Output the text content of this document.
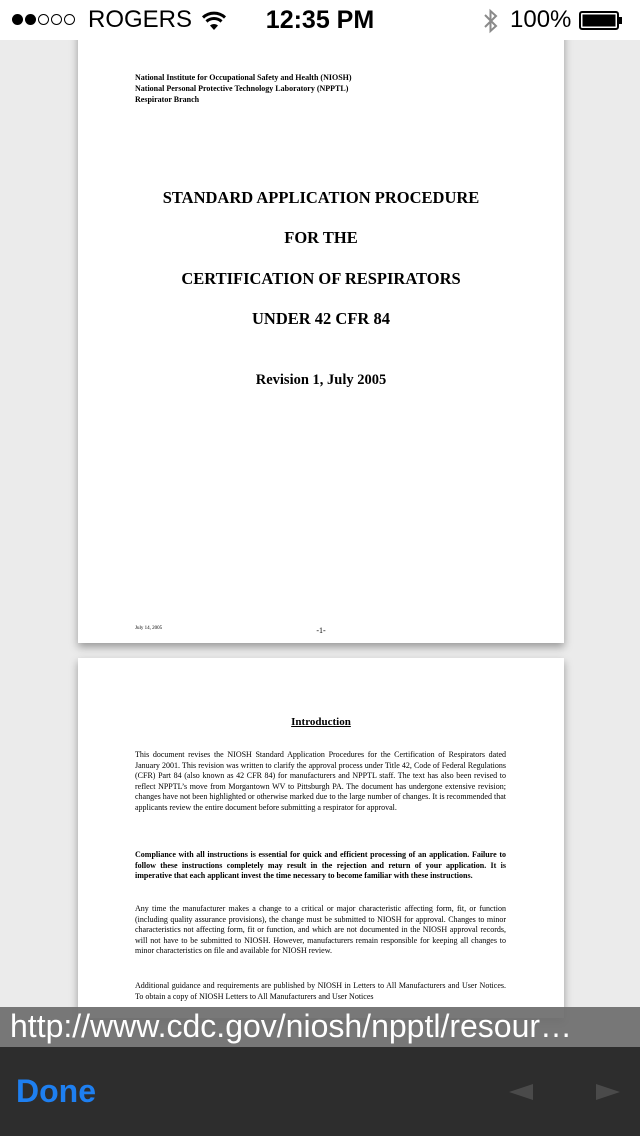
ROGERS	12:35 PM	100%
National Institute for Occupational Safety and Health (NIOSH)
National Personal Protective Technology Laboratory (NPPTL)
Respirator Branch
STANDARD APPLICATION PROCEDURE
FOR THE
CERTIFICATION OF RESPIRATORS
UNDER 42 CFR 84
Revision 1, July 2005
July 14, 2005	-1-
Introduction
This document revises the NIOSH Standard Application Procedures for the Certification of Respirators dated January 2001. This revision was written to clarify the approval process under Title 42, Code of Federal Regulations (CFR) Part 84 (also known as 42 CFR 84) for manufacturers and NPPTL staff. The text has also been revised to reflect NPPTL’s move from Morgantown WV to Pittsburgh PA. The document has undergone extensive revision; changes have not been highlighted or otherwise marked due to the large number of changes. It is recommended that applicants review the entire document before submitting a respirator for approval.
Compliance with all instructions is essential for quick and efficient processing of an application. Failure to follow these instructions completely may result in the rejection and return of your application. It is imperative that each applicant invest the time necessary to become familiar with these instructions.
Any time the manufacturer makes a change to a critical or major characteristic affecting form, fit, or function (including quality assurance provisions), the change must be submitted to NIOSH for approval. Changes to minor characteristics not affecting form, fit or function, and which are not documented in the NIOSH approval records, will not have to be submitted to NIOSH. However, manufacturers remain responsible for keeping all changes to minor characteristics on file and available for NIOSH review.
Additional guidance and requirements are published by NIOSH in Letters to All Manufacturers and User Notices. To obtain a copy of NIOSH Letters to All Manufacturers and User Notices
http://www.cdc.gov/niosh/npptl/resour…
Done
